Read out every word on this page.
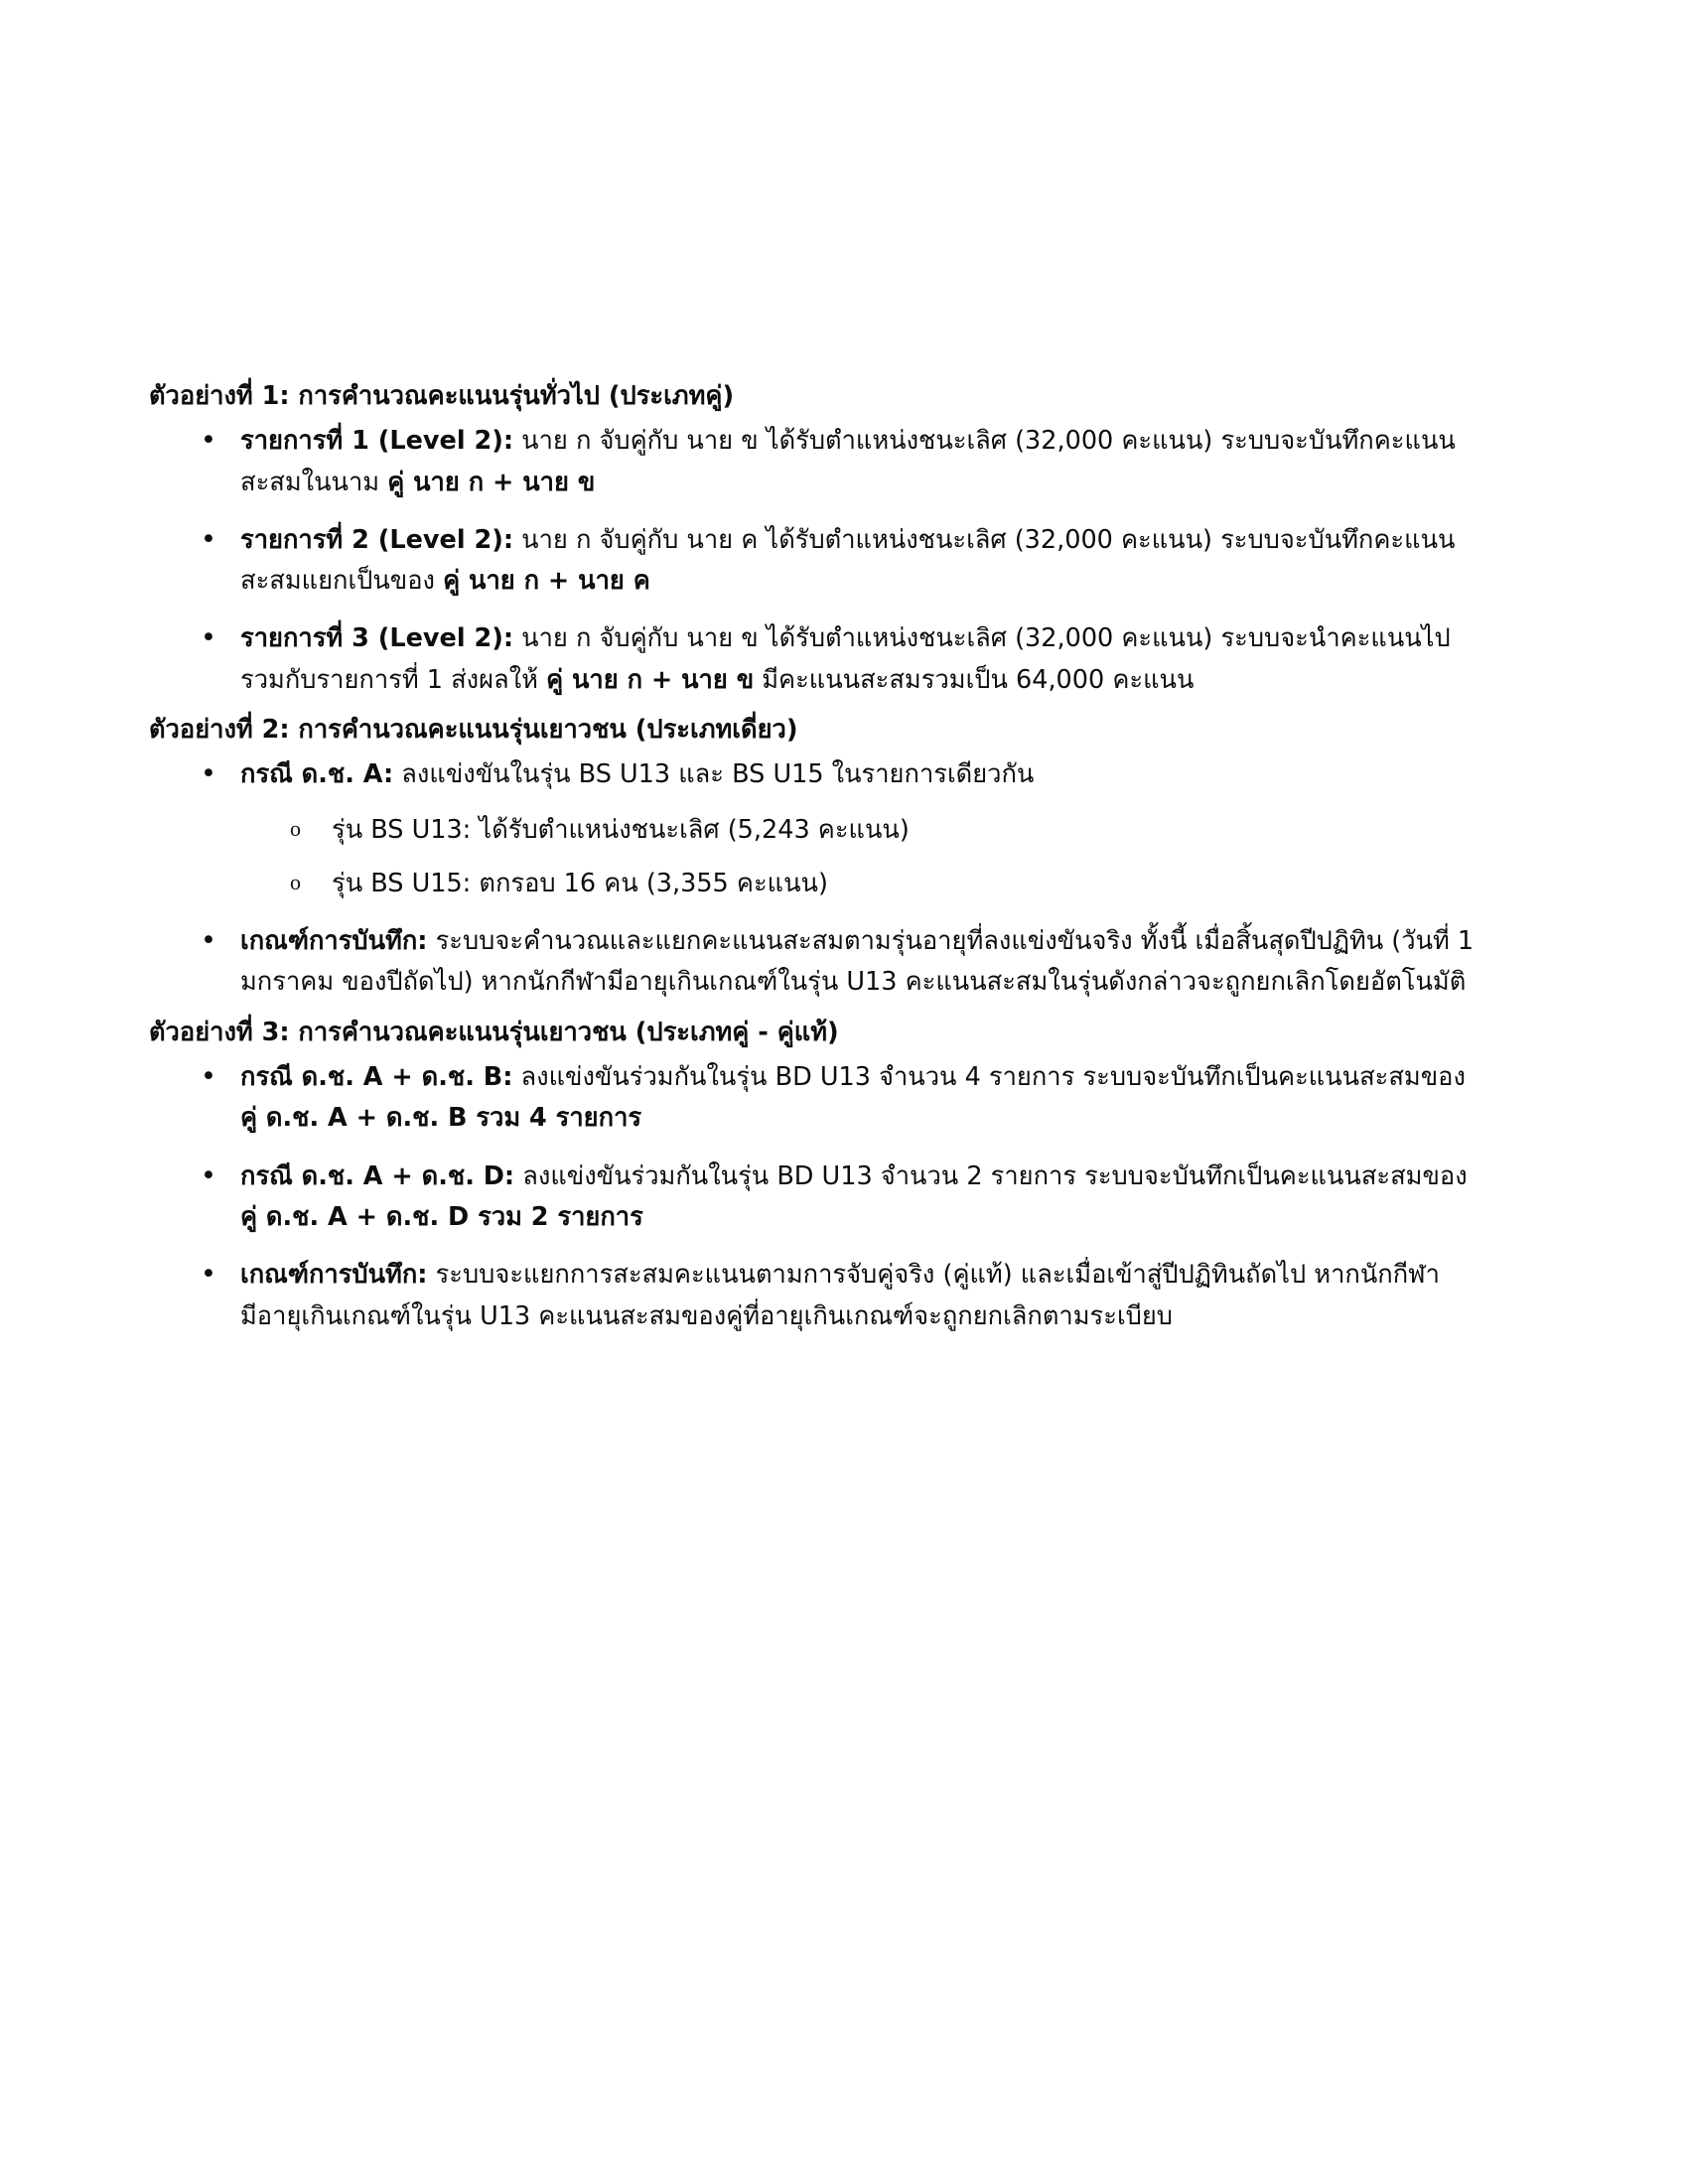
ตัวอย่างที่ 1: การคำนวณคะแนนรุ่นทั่วไป (ประเภทคู่)

• รายการที่ 1 (Level 2): นาย ก จับคู่กับ นาย ข ได้รับตำแหน่งชนะเลิศ (32,000 คะแนน) ระบบจะบันทึกคะแนนสะสมในนาม คู่ นาย ก + นาย ข
• รายการที่ 2 (Level 2): นาย ก จับคู่กับ นาย ค ได้รับตำแหน่งชนะเลิศ (32,000 คะแนน) ระบบจะบันทึกคะแนนสะสมแยกเป็นของ คู่ นาย ก + นาย ค
• รายการที่ 3 (Level 2): นาย ก จับคู่กับ นาย ข ได้รับตำแหน่งชนะเลิศ (32,000 คะแนน) ระบบจะนำคะแนนไปรวมกับรายการที่ 1 ส่งผลให้ คู่ นาย ก + นาย ข มีคะแนนสะสมรวมเป็น 64,000 คะแนน

ตัวอย่างที่ 2: การคำนวณคะแนนรุ่นเยาวชน (ประเภทเดี่ยว)

• กรณี ด.ช. A: ลงแข่งขันในรุ่น BS U13 และ BS U15 ในรายการเดียวกัน
o รุ่น BS U13: ได้รับตำแหน่งชนะเลิศ (5,243 คะแนน)
o รุ่น BS U15: ตกรอบ 16 คน (3,355 คะแนน)
• เกณฑ์การบันทึก: ระบบจะคำนวณและแยกคะแนนสะสมตามรุ่นอายุที่ลงแข่งขันจริง ทั้งนี้ เมื่อสิ้นสุดปีปฏิทิน (วันที่ 1 มกราคม ของปีถัดไป) หากนักกีฬามีอายุเกินเกณฑ์ในรุ่น U13 คะแนนสะสมในรุ่นดังกล่าวจะถูกยกเลิกโดยอัตโนมัติ

ตัวอย่างที่ 3: การคำนวณคะแนนรุ่นเยาวชน (ประเภทคู่ - คู่แท้)

• กรณี ด.ช. A + ด.ช. B: ลงแข่งขันร่วมกันในรุ่น BD U13 จำนวน 4 รายการ ระบบจะบันทึกเป็นคะแนนสะสมของ คู่ ด.ช. A + ด.ช. B รวม 4 รายการ
• กรณี ด.ช. A + ด.ช. D: ลงแข่งขันร่วมกันในรุ่น BD U13 จำนวน 2 รายการ ระบบจะบันทึกเป็นคะแนนสะสมของ คู่ ด.ช. A + ด.ช. D รวม 2 รายการ
• เกณฑ์การบันทึก: ระบบจะแยกการสะสมคะแนนตามการจับคู่จริง (คู่แท้) และเมื่อเข้าสู่ปีปฏิทินถัดไป หากนักกีฬามีอายุเกินเกณฑ์ในรุ่น U13 คะแนนสะสมของคู่ที่อายุเกินเกณฑ์จะถูกยกเลิกตามระเบียบ
